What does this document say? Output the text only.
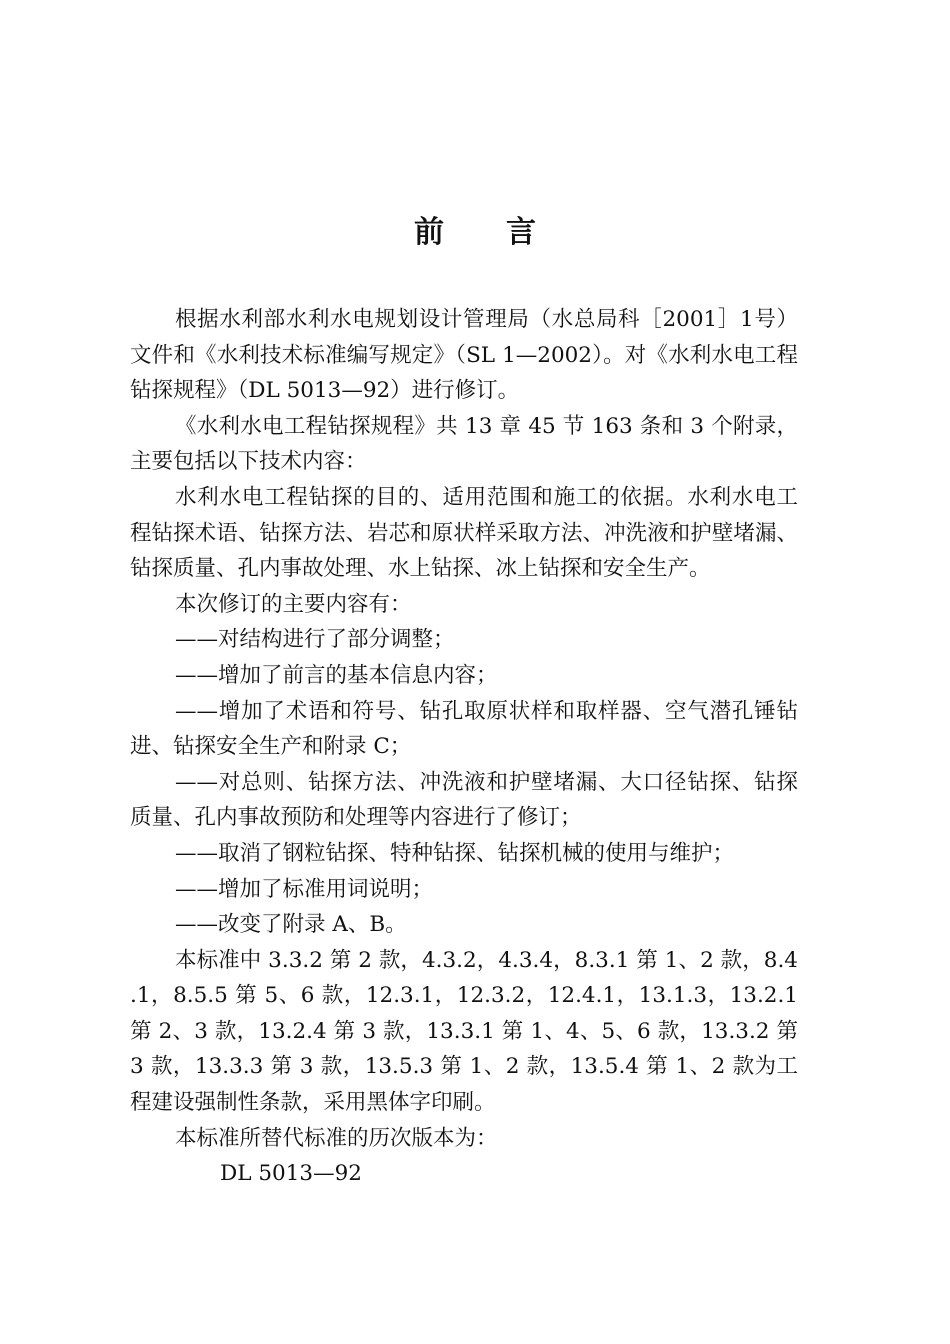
前言

根据水利部水利水电规划设计管理局（水总局科［2001］1号）文件和《水利技术标准编写规定》（SL 1—2002）。对《水利水电工程钻探规程》（DL 5013—92）进行修订。

《水利水电工程钻探规程》共 13 章 45 节 163 条和 3 个附录，主要包括以下技术内容：

水利水电工程钻探的目的、适用范围和施工的依据。水利水电工程钻探术语、钻探方法、岩芯和原状样采取方法、冲洗液和护壁堵漏、钻探质量、孔内事故处理、水上钻探、冰上钻探和安全生产。

本次修订的主要内容有：

——对结构进行了部分调整；

——增加了前言的基本信息内容；

——增加了术语和符号、钻孔取原状样和取样器、空气潜孔锤钻进、钻探安全生产和附录 C；

——对总则、钻探方法、冲洗液和护壁堵漏、大口径钻探、钻探质量、孔内事故预防和处理等内容进行了修订；

——取消了钢粒钻探、特种钻探、钻探机械的使用与维护；

——增加了标准用词说明；

——改变了附录 A、B。

本标准中 3.3.2 第 2 款，4.3.2，4.3.4，8.3.1 第 1、2 款，8.4.1，8.5.5 第 5、6 款，12.3.1，12.3.2，12.4.1，13.1.3，13.2.1 第 2、3 款，13.2.4 第 3 款，13.3.1 第 1、4、5、6 款，13.3.2 第 3 款，13.3.3 第 3 款，13.5.3 第 1、2 款，13.5.4 第 1、2 款为工程建设强制性条款，采用黑体字印刷。

本标准所替代标准的历次版本为：

DL 5013—92
